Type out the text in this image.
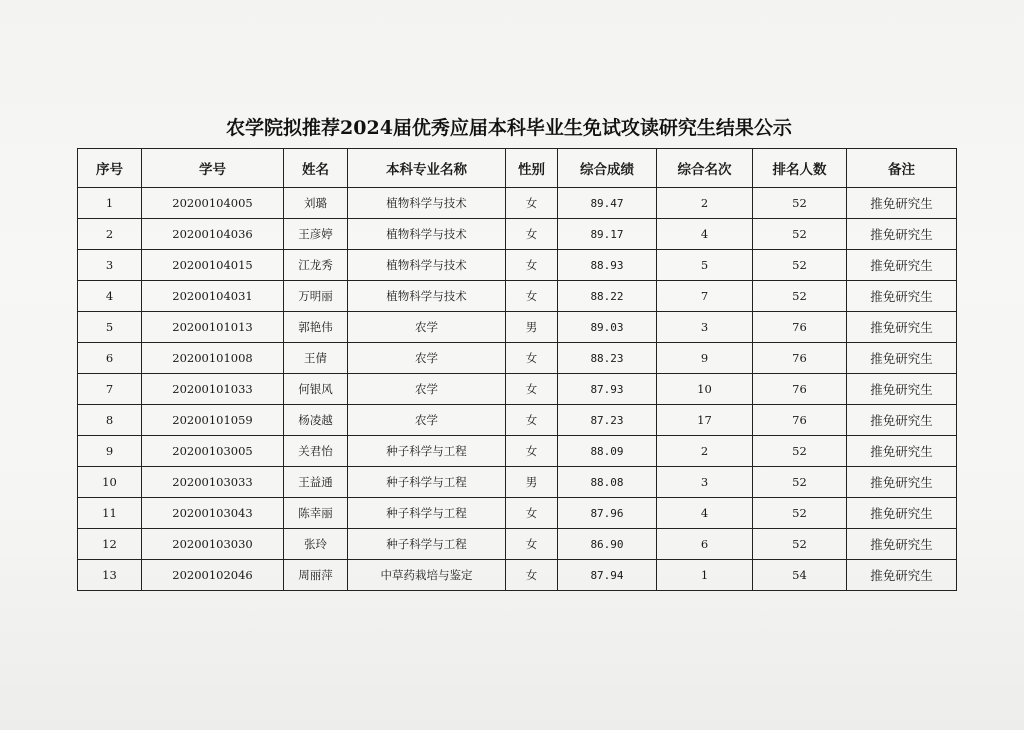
农学院拟推荐2024届优秀应届本科毕业生免试攻读研究生结果公示
序号	学号	姓名	本科专业名称	性别	综合成绩	综合名次	排名人数	备注
1	20200104005	刘璐	植物科学与技术	女	89.47	2	52	推免研究生
2	20200104036	王彦婷	植物科学与技术	女	89.17	4	52	推免研究生
3	20200104015	江龙秀	植物科学与技术	女	88.93	5	52	推免研究生
4	20200104031	万明丽	植物科学与技术	女	88.22	7	52	推免研究生
5	20200101013	郭艳伟	农学	男	89.03	3	76	推免研究生
6	20200101008	王倩	农学	女	88.23	9	76	推免研究生
7	20200101033	何银风	农学	女	87.93	10	76	推免研究生
8	20200101059	杨凌越	农学	女	87.23	17	76	推免研究生
9	20200103005	关君怡	种子科学与工程	女	88.09	2	52	推免研究生
10	20200103033	王益通	种子科学与工程	男	88.08	3	52	推免研究生
11	20200103043	陈幸丽	种子科学与工程	女	87.96	4	52	推免研究生
12	20200103030	张玲	种子科学与工程	女	86.90	6	52	推免研究生
13	20200102046	周丽萍	中草药栽培与鉴定	女	87.94	1	54	推免研究生
